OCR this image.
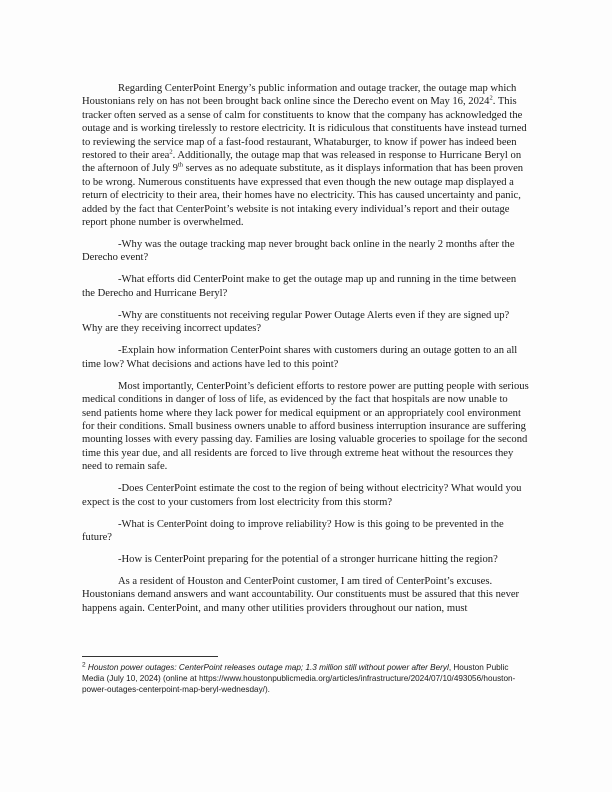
Regarding CenterPoint Energy’s public information and outage tracker, the outage map which Houstonians rely on has not been brought back online since the Derecho event on May 16, 2024$^2$. This tracker often served as a sense of calm for constituents to know that the company has acknowledged the outage and is working tirelessly to restore electricity. It is ridiculous that constituents have instead turned to reviewing the service map of a fast-food restaurant, Whataburger, to know if power has indeed been restored to their area$^2$. Additionally, the outage map that was released in response to Hurricane Beryl on the afternoon of July 9th serves as no adequate substitute, as it displays information that has been proven to be wrong. Numerous constituents have expressed that even though the new outage map displayed a return of electricity to their area, their homes have no electricity. This has caused uncertainty and panic, added by the fact that CenterPoint’s website is not intaking every individual’s report and their outage report phone number is overwhelmed.

-Why was the outage tracking map never brought back online in the nearly 2 months after the Derecho event?

-What efforts did CenterPoint make to get the outage map up and running in the time between the Derecho and Hurricane Beryl?

-Why are constituents not receiving regular Power Outage Alerts even if they are signed up? Why are they receiving incorrect updates?

-Explain how information CenterPoint shares with customers during an outage gotten to an all time low? What decisions and actions have led to this point?

Most importantly, CenterPoint’s deficient efforts to restore power are putting people with serious medical conditions in danger of loss of life, as evidenced by the fact that hospitals are now unable to send patients home where they lack power for medical equipment or an appropriately cool environment for their conditions. Small business owners unable to afford business interruption insurance are suffering mounting losses with every passing day. Families are losing valuable groceries to spoilage for the second time this year due, and all residents are forced to live through extreme heat without the resources they need to remain safe.

-Does CenterPoint estimate the cost to the region of being without electricity? What would you expect is the cost to your customers from lost electricity from this storm?

-What is CenterPoint doing to improve reliability? How is this going to be prevented in the future?

-How is CenterPoint preparing for the potential of a stronger hurricane hitting the region?

As a resident of Houston and CenterPoint customer, I am tired of CenterPoint’s excuses. Houstonians demand answers and want accountability. Our constituents must be assured that this never happens again. CenterPoint, and many other utilities providers throughout our nation, must

$^2$ Houston power outages: CenterPoint releases outage map; 1.3 million still without power after Beryl, Houston Public Media (July 10, 2024) (online at https://www.houstonpublicmedia.org/articles/infrastructure/2024/07/10/493056/houston-power-outages-centerpoint-map-beryl-wednesday/).
